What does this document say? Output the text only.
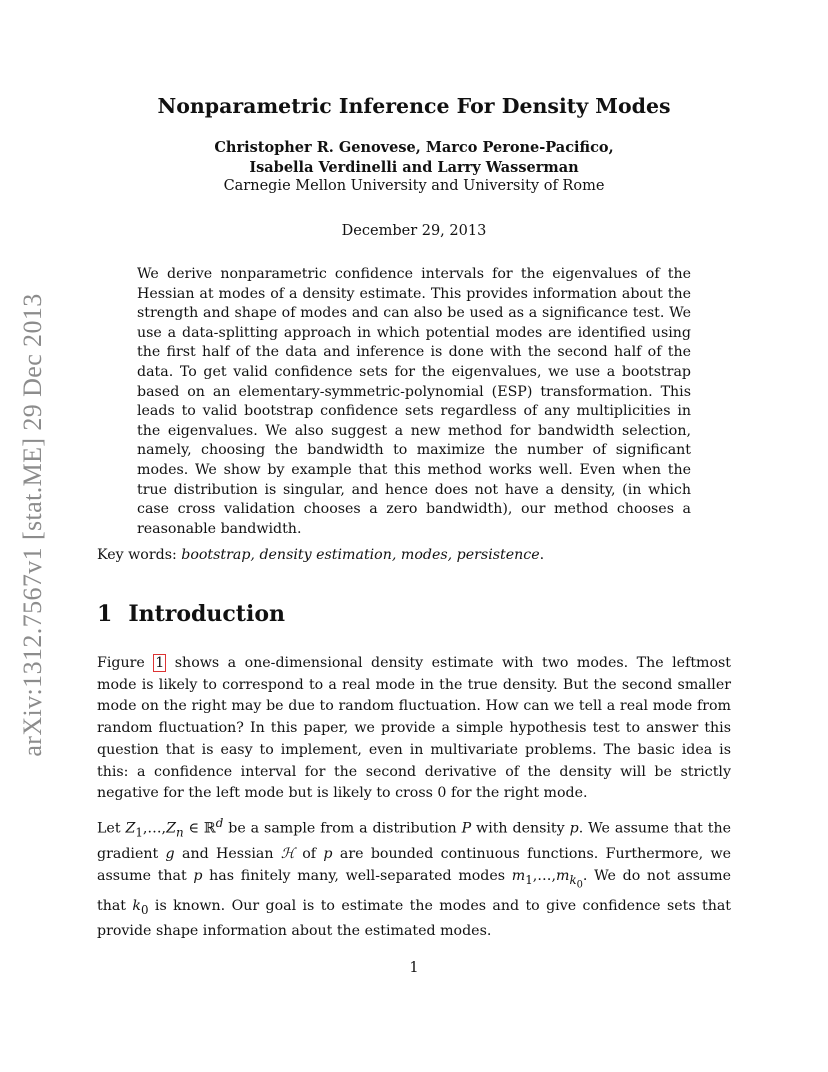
arXiv:1312.7567v1 [stat.ME] 29 Dec 2013
Nonparametric Inference For Density Modes
Christopher R. Genovese, Marco Perone-Pacifico,
Isabella Verdinelli and Larry Wasserman
Carnegie Mellon University and University of Rome
December 29, 2013

We derive nonparametric confidence intervals for the eigenvalues of the Hessian at modes of a density estimate. This provides information about the strength and shape of modes and can also be used as a significance test. We use a data-splitting approach in which potential modes are identified using the first half of the data and inference is done with the second half of the data. To get valid confidence sets for the eigenvalues, we use a bootstrap based on an elementary-symmetric-polynomial (ESP) transformation. This leads to valid bootstrap confidence sets regardless of any multiplicities in the eigenvalues. We also suggest a new method for bandwidth selection, namely, choosing the bandwidth to maximize the number of significant modes. We show by example that this method works well. Even when the true distribution is singular, and hence does not have a density, (in which case cross validation chooses a zero bandwidth), our method chooses a reasonable bandwidth.

Key words: bootstrap, density estimation, modes, persistence.
1 Introduction

Figure 1 shows a one-dimensional density estimate with two modes. The leftmost mode is likely to correspond to a real mode in the true density. But the second smaller mode on the right may be due to random fluctuation. How can we tell a real mode from random fluctuation? In this paper, we provide a simple hypothesis test to answer this question that is easy to implement, even in multivariate problems. The basic idea is this: a confidence interval for the second derivative of the density will be strictly negative for the left mode but is likely to cross 0 for the right mode.

Let $Z_1,\dots,Z_n$ ∈ ℝ$^d$ be a sample from a distribution P with density p. We assume that the gradient g and Hessian ℋ of p are bounded continuous functions. Furthermore, we assume that p has finitely many, well-separated modes $m_1,\dots,m_{k_0}$. We do not assume that $k_0$ is known. Our goal is to estimate the modes and to give confidence sets that provide shape information about the estimated modes.

1
